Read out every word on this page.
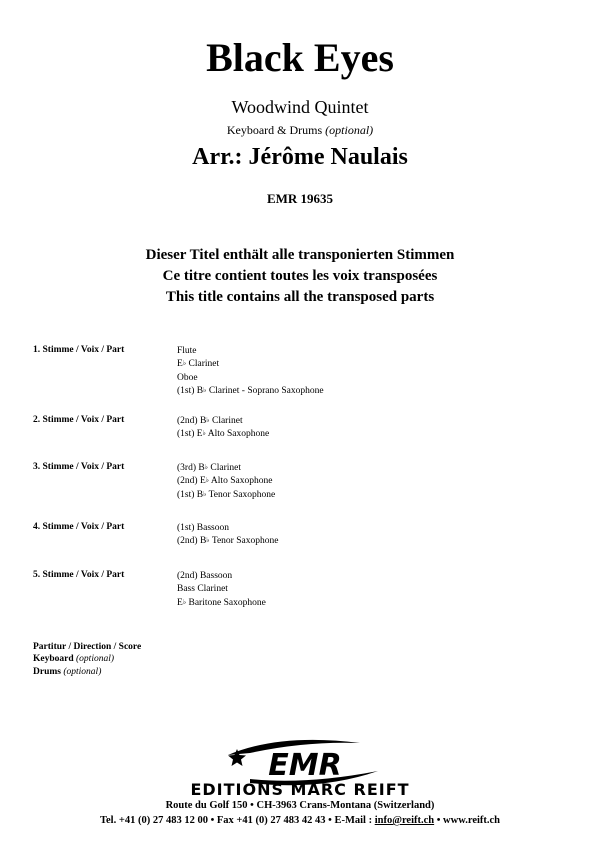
Black Eyes
Woodwind Quintet
Keyboard & Drums (optional)
Arr.: Jérôme Naulais
EMR 19635
Dieser Titel enthält alle transponierten Stimmen
Ce titre contient toutes les voix transposées
This title contains all the transposed parts
1. Stimme / Voix / Part	Flute
E♭ Clarinet
Oboe
(1st) B♭ Clarinet - Soprano Saxophone
2. Stimme / Voix / Part	(2nd) B♭ Clarinet
(1st) E♭ Alto Saxophone
3. Stimme / Voix / Part	(3rd) B♭ Clarinet
(2nd) E♭ Alto Saxophone
(1st) B♭ Tenor Saxophone
4. Stimme / Voix / Part	(1st) Bassoon
(2nd) B♭ Tenor Saxophone
5. Stimme / Voix / Part	(2nd) Bassoon
Bass Clarinet
E♭ Baritone Saxophone
Partitur / Direction / Score
Keyboard (optional)
Drums (optional)
EMR
EDITIONS MARC REIFT
Route du Golf 150 • CH-3963 Crans-Montana (Switzerland)
Tel. +41 (0) 27 483 12 00 • Fax +41 (0) 27 483 42 43 • E-Mail : info@reift.ch • www.reift.ch
